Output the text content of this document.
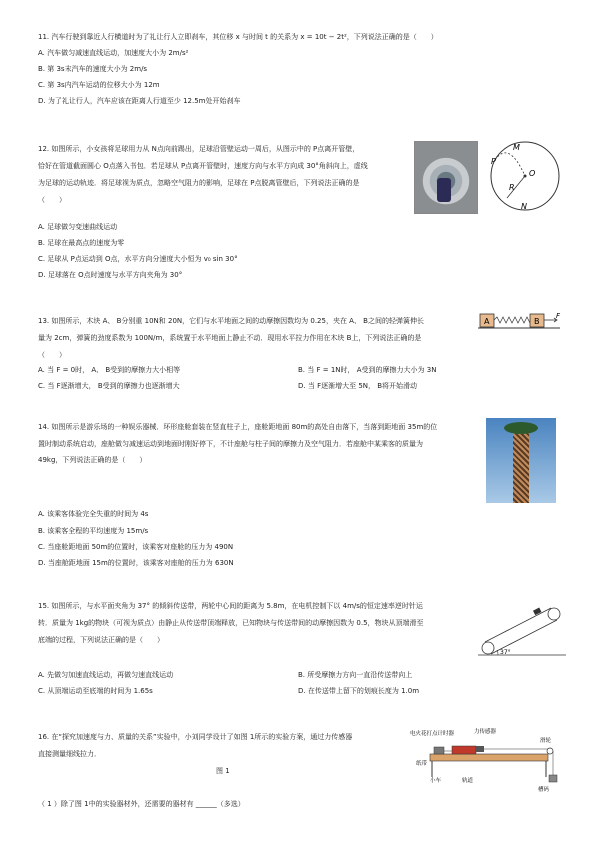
11. 汽车行驶到靠近人行横道时为了礼让行人立即刹车，其位移 x 与时间 t 的关系为 x = 10t − 2t²，下列说法正确的是（　　）
A. 汽车做匀减速直线运动，加速度大小为 2m/s²
B. 第 3s末汽车的速度大小为 2m/s
C. 第 3s内汽车运动的位移大小为 12m
D. 为了礼让行人，汽车应该在距离人行道至少 12.5m处开始刹车
12. 如图所示，小女孩将足球用力从 N点向前踢出，足球沿管壁运动一周后，从图示中的 P点离开管壁，
恰好在管道截面圆心 O点落入书包．若足球从 P点离开管壁时，速度方向与水平方向成 30°角斜向上，虚线
为足球的运动轨迹．将足球视为质点，忽略空气阻力的影响，足球在 P点脱离管壁后，下列说法正确的是
（　　）
A. 足球做匀变速曲线运动
B. 足球在最高点的速度为零
C. 足球从 P点运动到 O点，水平方向分速度大小恒为 v₀ sin 30°
D. 足球落在 O点时速度与水平方向夹角为 30°
M
P
O
R
N
13. 如图所示，木块 A、 B分别重 10N和 20N，它们与水平地面之间的动摩擦因数均为 0.25，夹在 A、 B之间的轻弹簧伸长
量为 2cm，弹簧的劲度系数为 100N/m，系统置于水平地面上静止不动．现用水平拉力作用在木块 B上，下列说法正确的是
（　　）
A. 当 F = 0时， A、 B受到的摩擦力大小相等	B. 当 F = 1N时， A受到的摩擦力大小为 3N
C. 当 F逐渐增大， B受到的摩擦力也逐渐增大	D. 当 F逐渐增大至 5N， B将开始滑动
A	B
F
14. 如图所示是游乐场的一种娱乐器械．环形座舱套装在竖直柱子上，座舱距地面 80m的高处自由落下，当落到距地面 35m的位
置时制动系统启动，座舱做匀减速运动到地面时刚好停下，不计座舱与柱子间的摩擦力及空气阻力．若座舱中某乘客的质量为
49kg，下列说法正确的是（　　）
A. 该乘客体验完全失重的时间为 4s
B. 该乘客全程的平均速度为 15m/s
C. 当座舱距地面 50m的位置时，该乘客对座舱的压力为 490N
D. 当座舱距地面 15m的位置时，该乘客对座舱的压力为 630N
15. 如图所示，与水平面夹角为 37° 的倾斜传送带，两轮中心间的距离为 5.8m，在电机控制下以 4m/s的恒定速率逆时针运
转．质量为 1kg的物块（可视为质点）由静止从传送带顶端释放，已知物块与传送带间的动摩擦因数为 0.5，物块从顶端滑至
底端的过程，下列说法正确的是（　　）
A. 先做匀加速直线运动，再做匀速直线运动	B. 所受摩擦力方向一直沿传送带向上
C. 从顶端运动至底端的时间为 1.65s	D. 在传送带上留下的划痕长度为 1.0m
37°
16. 在“探究加速度与力、质量的关系”实验中，小刘同学设计了如图 1所示的实验方案，通过力传感器
直接测量细线拉力．
图 1
（ 1 ）除了图 1中的实验器材外，还需要的器材有 ______（多选）
电火花打点计时器	力传感器
滑轮
纸带
小车	轨道
槽码
